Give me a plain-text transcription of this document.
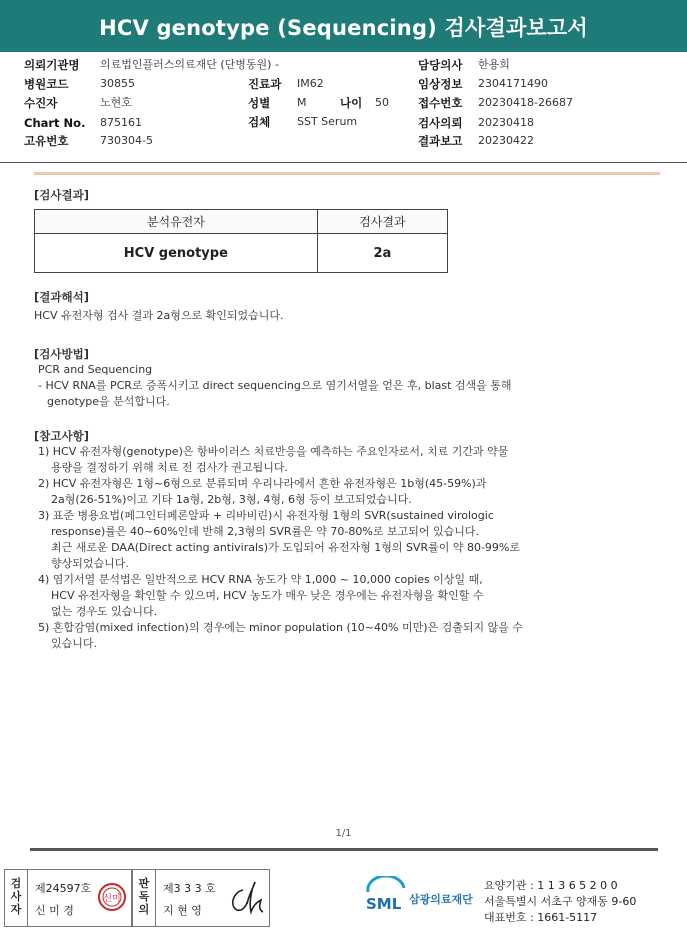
HCV genotype (Sequencing) 검사결과보고서
의뢰기관명 의료법인플러스의료재단 (단병동원) -
병원코드	30855
수진자	노현호
Chart No. 875161
고유번호	730304-5
진료과 IM62
성별 M	나이 50
검체 SST Serum
담당의사 한용희
임상정보 2304171490
접수번호 20230418-26687
검사의뢰 20230418
결과보고 20230422
[검사결과]
분석유전자	검사결과
HCV genotype	2a
[결과해석]
HCV 유전자형 검사 결과 2a형으로 확인되었습니다.
[검사방법]
PCR and Sequencing
- HCV RNA를 PCR로 증폭시키고 direct sequencing으로 염기서열을 얻은 후, blast 검색을 통해
genotype을 분석합니다.
[참고사항]
1) HCV 유전자형(genotype)은 항바이러스 치료반응을 예측하는 주요인자로서, 치료 기간과 약물
용량을 결정하기 위해 치료 전 검사가 권고됩니다.
2) HCV 유전자형은 1형~6형으로 분류되며 우리나라에서 흔한 유전자형은 1b형(45-59%)과
2a형(26-51%)이고 기타 1a형, 2b형, 3형, 4형, 6형 등이 보고되었습니다.
3) 표준 병용요법(페그인터페론알파 + 리바비린)시 유전자형 1형의 SVR(sustained virologic
response)률은 40~60%인데 반해 2,3형의 SVR률은 약 70-80%로 보고되어 있습니다.
최근 새로운 DAA(Direct acting antivirals)가 도입되어 유전자형 1형의 SVR률이 약 80-99%로
향상되었습니다.
4) 염기서열 분석법은 일반적으로 HCV RNA 농도가 약 1,000 ~ 10,000 copies 이상일 때,
HCV 유전자형을 확인할 수 있으며, HCV 농도가 매우 낮은 경우에는 유전자형을 확인할 수
없는 경우도 있습니다.
5) 혼합감염(mixed infection)의 경우에는 minor population (10~40% 미만)은 검출되지 않을 수
있습니다.
1/1
검
사
자
제24597호
신 미 경
신미
판
독
의
제3 3 3 호
지 현 영	SML 삼광의료재단
요양기관 : 1 1 3 6 5 2 0 0
서울특별시 서초구 양재동 9-60
대표번호 : 1661-5117
